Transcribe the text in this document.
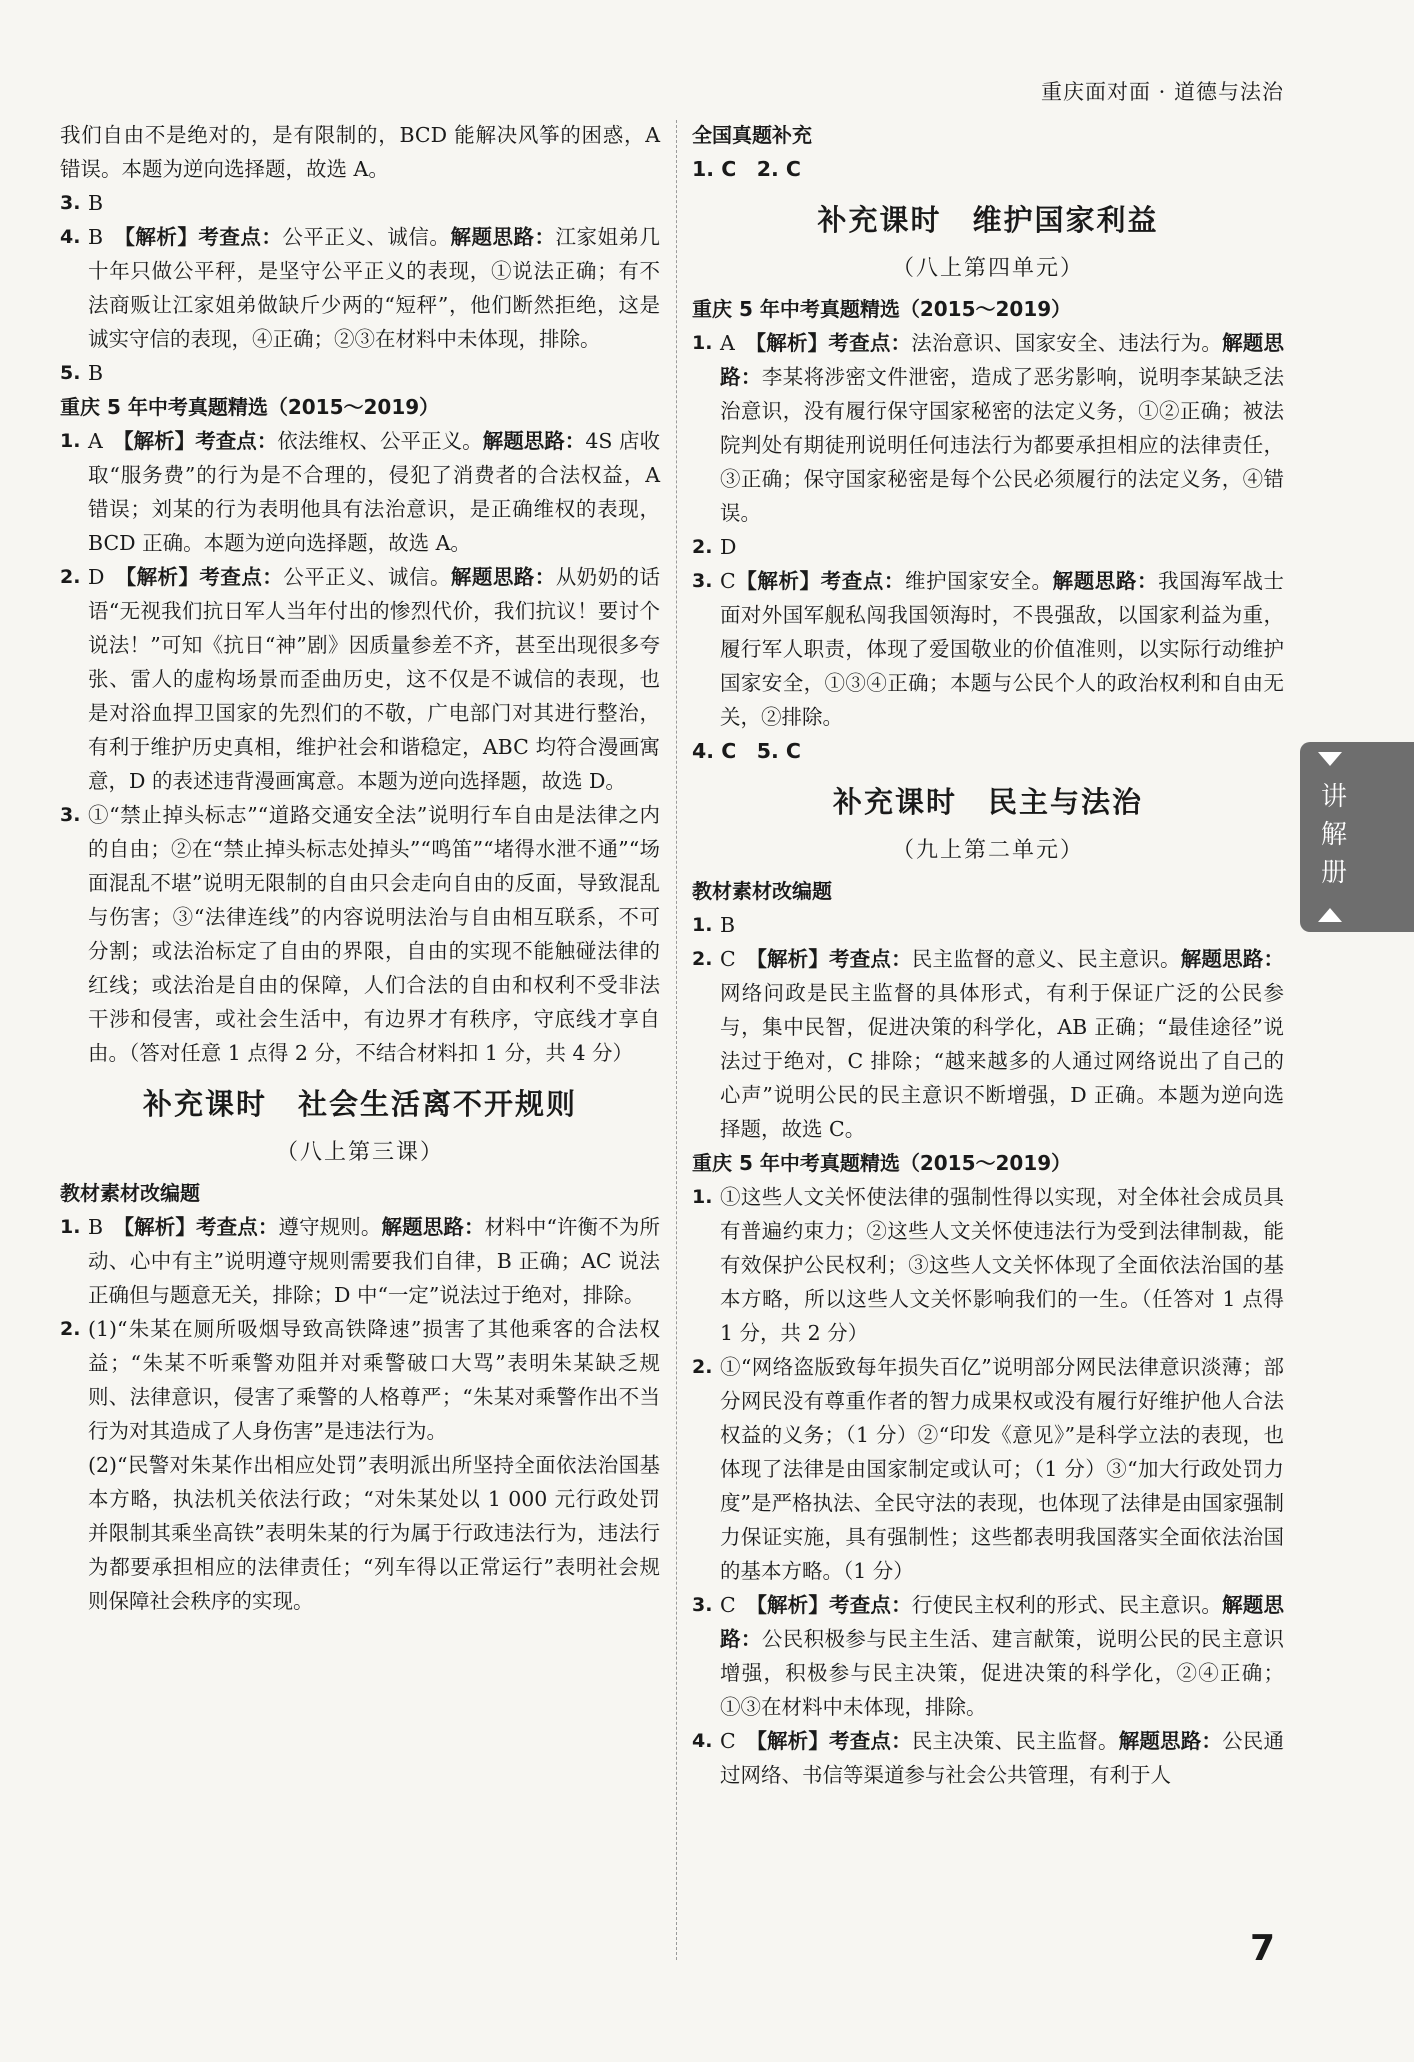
重庆面对面 · 道德与法治

我们自由不是绝对的，是有限制的，BCD 能解决风筝的困惑，A 错误。本题为逆向选择题，故选 A。

3. B

4. B　【解析】考查点：公平正义、诚信。解题思路：江家姐弟几十年只做公平秤，是坚守公平正义的表现，①说法正确；有不法商贩让江家姐弟做缺斤少两的“短秤”，他们断然拒绝，这是诚实守信的表现，④正确；②③在材料中未体现，排除。

5. B

重庆 5 年中考真题精选（2015～2019）

1. A　【解析】考查点：依法维权、公平正义。解题思路：4S 店收取“服务费”的行为是不合理的，侵犯了消费者的合法权益，A 错误；刘某的行为表明他具有法治意识，是正确维权的表现，BCD 正确。本题为逆向选择题，故选 A。

2. D　【解析】考查点：公平正义、诚信。解题思路：从奶奶的话语“无视我们抗日军人当年付出的惨烈代价，我们抗议！要讨个说法！”可知《抗日“神”剧》因质量参差不齐，甚至出现很多夸张、雷人的虚构场景而歪曲历史，这不仅是不诚信的表现，也是对浴血捍卫国家的先烈们的不敬，广电部门对其进行整治，有利于维护历史真相，维护社会和谐稳定，ABC 均符合漫画寓意，D 的表述违背漫画寓意。本题为逆向选择题，故选 D。

3. ①“禁止掉头标志”“道路交通安全法”说明行车自由是法律之内的自由；②在“禁止掉头标志处掉头”“鸣笛”“堵得水泄不通”“场面混乱不堪”说明无限制的自由只会走向自由的反面，导致混乱与伤害；③“法律连线”的内容说明法治与自由相互联系，不可分割；或法治标定了自由的界限，自由的实现不能触碰法律的红线；或法治是自由的保障，人们合法的自由和权利不受非法干涉和侵害，或社会生活中，有边界才有秩序，守底线才享自由。（答对任意 1 点得 2 分，不结合材料扣 1 分，共 4 分）

补充课时　社会生活离不开规则

（八上第三课）

教材素材改编题

1. B　【解析】考查点：遵守规则。解题思路：材料中“许衡不为所动、心中有主”说明遵守规则需要我们自律，B 正确；AC 说法正确但与题意无关，排除；D 中“一定”说法过于绝对，排除。

2. (1)“朱某在厕所吸烟导致高铁降速”损害了其他乘客的合法权益；“朱某不听乘警劝阻并对乘警破口大骂”表明朱某缺乏规则、法律意识，侵害了乘警的人格尊严；“朱某对乘警作出不当行为对其造成了人身伤害”是违法行为。

(2)“民警对朱某作出相应处罚”表明派出所坚持全面依法治国基本方略，执法机关依法行政；“对朱某处以 1 000 元行政处罚并限制其乘坐高铁”表明朱某的行为属于行政违法行为，违法行为都要承担相应的法律责任；“列车得以正常运行”表明社会规则保障社会秩序的实现。

全国真题补充

1. C　2. C

补充课时　维护国家利益

（八上第四单元）

重庆 5 年中考真题精选（2015～2019）

1. A　【解析】考查点：法治意识、国家安全、违法行为。解题思路：李某将涉密文件泄密，造成了恶劣影响，说明李某缺乏法治意识，没有履行保守国家秘密的法定义务，①②正确；被法院判处有期徒刑说明任何违法行为都要承担相应的法律责任，③正确；保守国家秘密是每个公民必须履行的法定义务，④错误。

2. D

3. C【解析】考查点：维护国家安全。解题思路：我国海军战士面对外国军舰私闯我国领海时，不畏强敌，以国家利益为重，履行军人职责，体现了爱国敬业的价值准则，以实际行动维护国家安全，①③④正确；本题与公民个人的政治权利和自由无关，②排除。

4. C　5. C

补充课时　民主与法治

（九上第二单元）

教材素材改编题

1. B

2. C　【解析】考查点：民主监督的意义、民主意识。解题思路：网络问政是民主监督的具体形式，有利于保证广泛的公民参与，集中民智，促进决策的科学化，AB 正确；“最佳途径”说法过于绝对，C 排除；“越来越多的人通过网络说出了自己的心声”说明公民的民主意识不断增强，D 正确。本题为逆向选择题，故选 C。

重庆 5 年中考真题精选（2015～2019）

1. ①这些人文关怀使法律的强制性得以实现，对全体社会成员具有普遍约束力；②这些人文关怀使违法行为受到法律制裁，能有效保护公民权利；③这些人文关怀体现了全面依法治国的基本方略，所以这些人文关怀影响我们的一生。（任答对 1 点得 1 分，共 2 分）

2. ①“网络盗版致每年损失百亿”说明部分网民法律意识淡薄；部分网民没有尊重作者的智力成果权或没有履行好维护他人合法权益的义务；（1 分）②“印发《意见》”是科学立法的表现，也体现了法律是由国家制定或认可；（1 分）③“加大行政处罚力度”是严格执法、全民守法的表现，也体现了法律是由国家强制力保证实施，具有强制性；这些都表明我国落实全面依法治国的基本方略。（1 分）

3. C　【解析】考查点：行使民主权利的形式、民主意识。解题思路：公民积极参与民主生活、建言献策，说明公民的民主意识增强，积极参与民主决策，促进决策的科学化，②④正确；①③在材料中未体现，排除。

4. C　【解析】考查点：民主决策、民主监督。解题思路：公民通过网络、书信等渠道参与社会公共管理，有利于人

讲解册
7
